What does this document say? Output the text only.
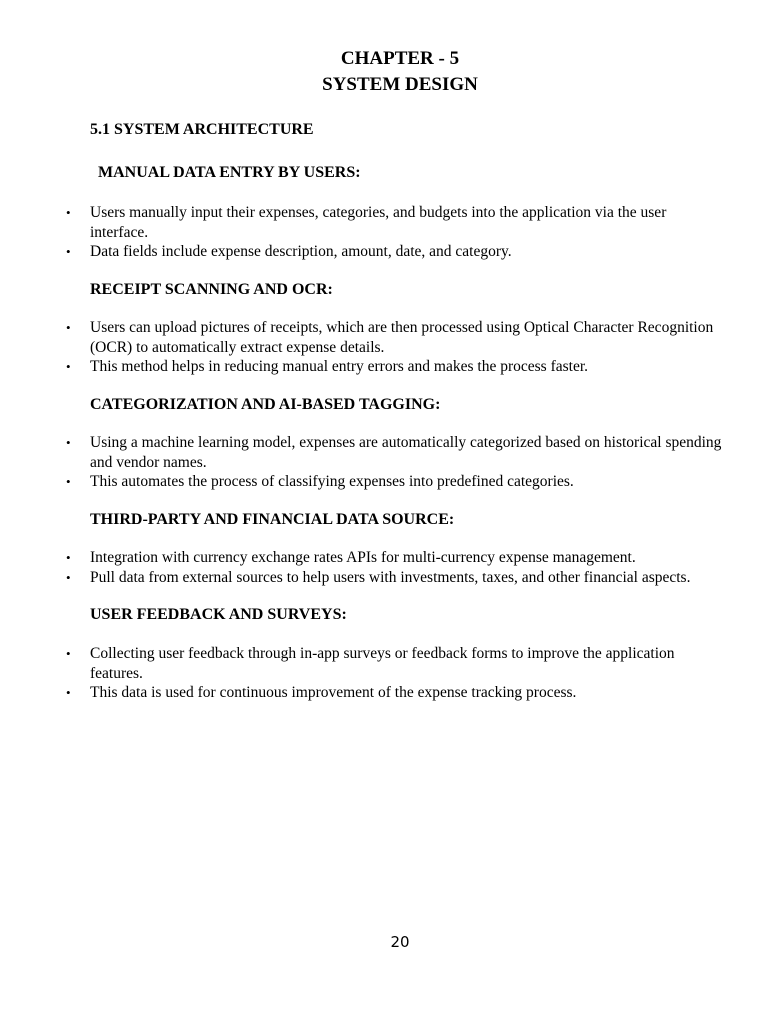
CHAPTER - 5
SYSTEM DESIGN
5.1 SYSTEM ARCHITECTURE
MANUAL DATA ENTRY BY USERS:
• Users manually input their expenses, categories, and budgets into the application via the user interface.
• Data fields include expense description, amount, date, and category.
RECEIPT SCANNING AND OCR:
• Users can upload pictures of receipts, which are then processed using Optical Character Recognition (OCR) to automatically extract expense details.
• This method helps in reducing manual entry errors and makes the process faster.
CATEGORIZATION AND AI-BASED TAGGING:
• Using a machine learning model, expenses are automatically categorized based on historical spending and vendor names.
• This automates the process of classifying expenses into predefined categories.
THIRD-PARTY AND FINANCIAL DATA SOURCE:
• Integration with currency exchange rates APIs for multi-currency expense management.
• Pull data from external sources to help users with investments, taxes, and other financial aspects.
USER FEEDBACK AND SURVEYS:
• Collecting user feedback through in-app surveys or feedback forms to improve the application features.
• This data is used for continuous improvement of the expense tracking process.
20
